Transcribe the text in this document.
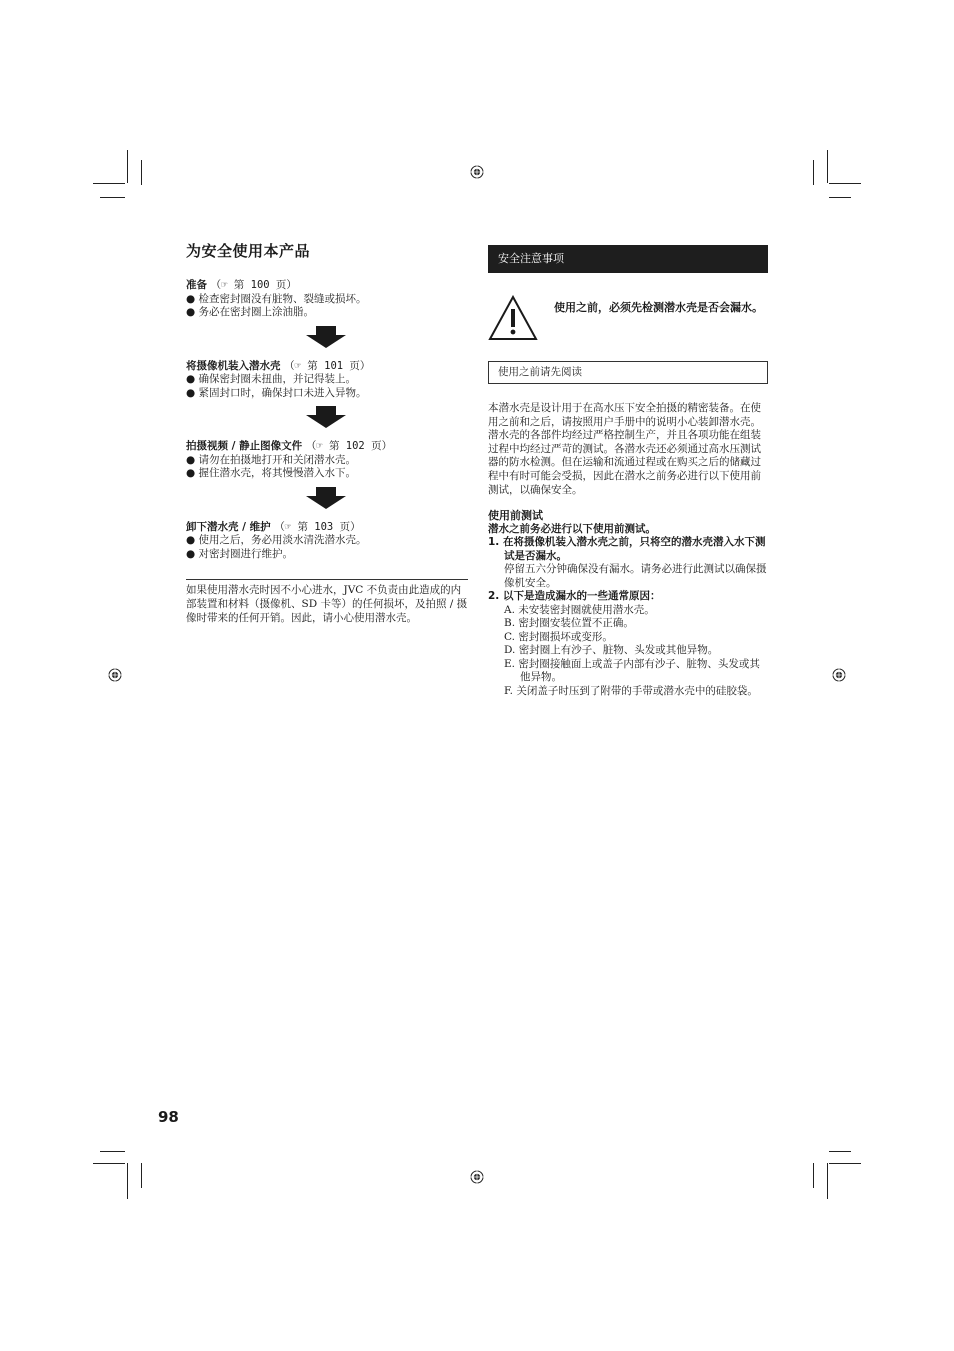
为安全使用本产品
准备 （☞ 第 100 页）
● 检查密封圈没有脏物、裂缝或损坏。
● 务必在密封圈上涂油脂。
将摄像机装入潜水壳 （☞ 第 101 页）
● 确保密封圈未扭曲，并记得装上。
● 紧固封口时，确保封口未进入异物。
拍摄视频 / 静止图像文件 （☞ 第 102 页）
● 请勿在拍摄地打开和关闭潜水壳。
● 握住潜水壳，将其慢慢潜入水下。
卸下潜水壳 / 维护 （☞ 第 103 页）
● 使用之后，务必用淡水清洗潜水壳。
● 对密封圈进行维护。
如果使用潜水壳时因不小心进水，JVC 不负责由此造成的内部装置和材料（摄像机、SD 卡等）的任何损坏，及拍照 / 摄像时带来的任何开销。因此，请小心使用潜水壳。
安全注意事项
使用之前，必须先检测潜水壳是否会漏水。
使用之前请先阅读
本潜水壳是设计用于在高水压下安全拍摄的精密装备。在使用之前和之后，请按照用户手册中的说明小心装卸潜水壳。
潜水壳的各部件均经过严格控制生产，并且各项功能在组装过程中均经过严苛的测试。各潜水壳还必须通过高水压测试器的防水检测。但在运输和流通过程或在购买之后的储藏过程中有时可能会受损，因此在潜水之前务必进行以下使用前测试，以确保安全。
使用前测试
潜水之前务必进行以下使用前测试。
1. 在将摄像机装入潜水壳之前，只将空的潜水壳潜入水下测试是否漏水。
停留五六分钟确保没有漏水。请务必进行此测试以确保摄像机安全。
2. 以下是造成漏水的一些通常原因：
A. 未安装密封圈就使用潜水壳。
B. 密封圈安装位置不正确。
C. 密封圈损坏或变形。
D. 密封圈上有沙子、脏物、头发或其他异物。
E. 密封圈接触面上或盖子内部有沙子、脏物、头发或其他异物。
F. 关闭盖子时压到了附带的手带或潜水壳中的硅胶袋。
98
